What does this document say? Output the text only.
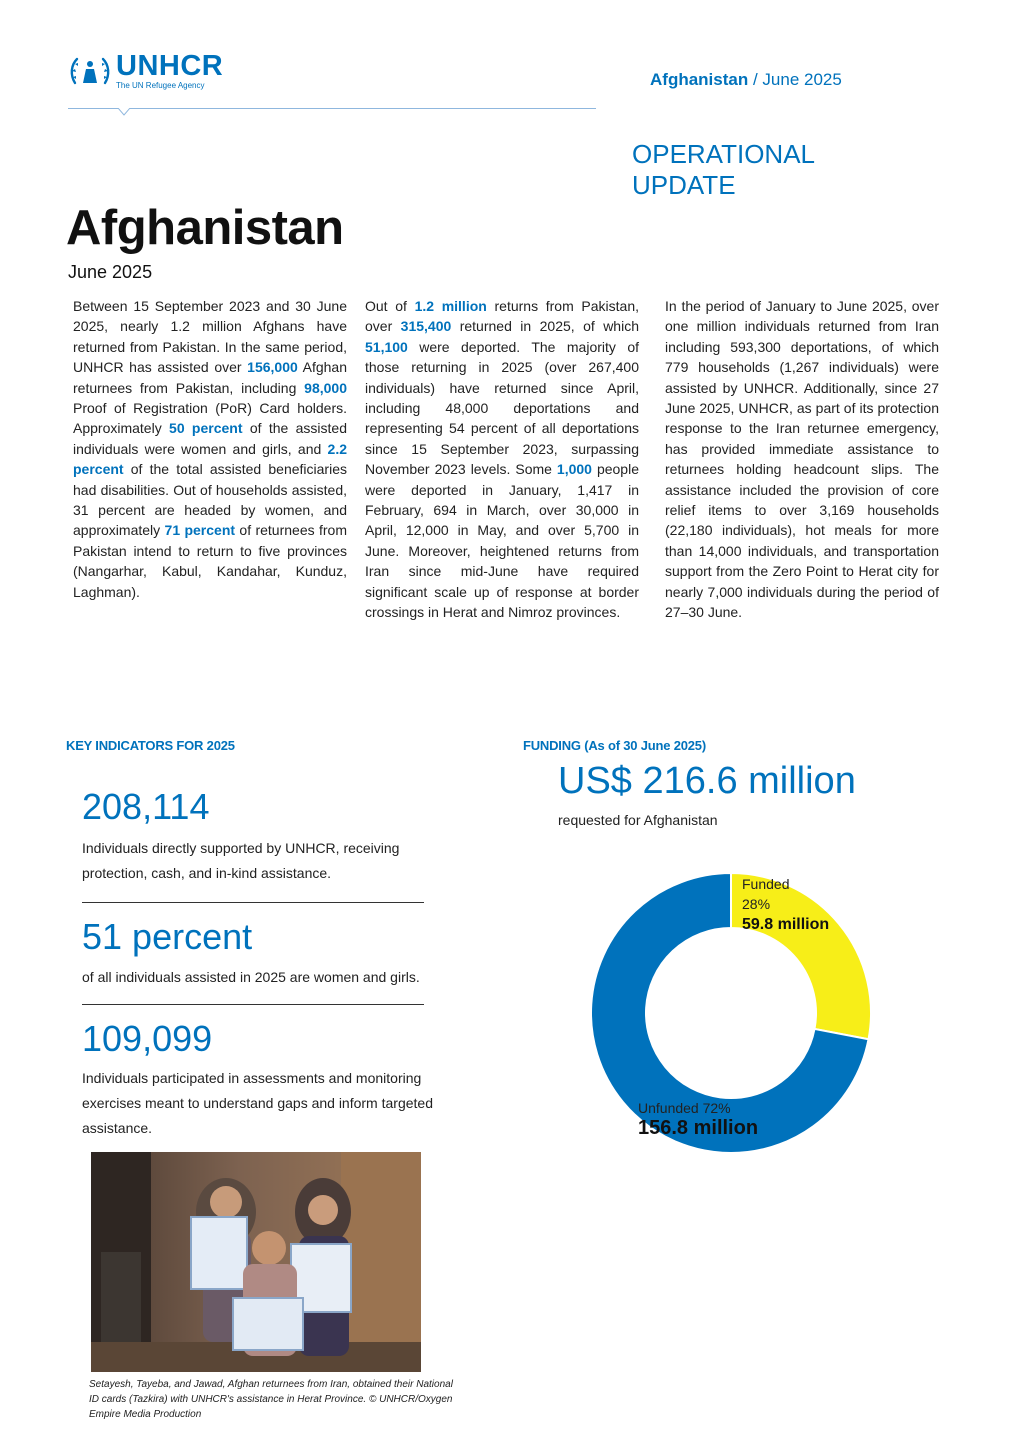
UNHCR
The UN Refugee Agency	Afghanistan / June 2025
OPERATIONAL
UPDATE
Afghanistan
June 2025
Between 15 September 2023 and 30 June 2025, nearly 1.2 million Afghans have returned from Pakistan. In the same period, UNHCR has assisted over 156,000 Afghan returnees from Pakistan, including 98,000 Proof of Registration (PoR) Card holders. Approximately 50 percent of the assisted individuals were women and girls, and 2.2 percent of the total assisted beneficiaries had disabilities. Out of households assisted, 31 percent are headed by women, and approximately 71 percent of returnees from Pakistan intend to return to five provinces (Nangarhar, Kabul, Kandahar, Kunduz, Laghman).
Out of 1.2 million returns from Pakistan, over 315,400 returned in 2025, of which 51,100 were deported. The majority of those returning in 2025 (over 267,400 individuals) have returned since April, including 48,000 deportations and representing 54 percent of all deportations since 15 September 2023, surpassing November 2023 levels. Some 1,000 people were deported in January, 1,417 in February, 694 in March, over 30,000 in April, 12,000 in May, and over 5,700 in June. Moreover, heightened returns from Iran since mid-June have required significant scale up of response at border crossings in Herat and Nimroz provinces.
In the period of January to June 2025, over one million individuals returned from Iran including 593,300 deportations, of which 779 households (1,267 individuals) were assisted by UNHCR. Additionally, since 27 June 2025, UNHCR, as part of its protection response to the Iran returnee emergency, has provided immediate assistance to returnees holding headcount slips. The assistance included the provision of core relief items to over 3,169 households (22,180 individuals), hot meals for more than 14,000 individuals, and transportation support from the Zero Point to Herat city for nearly 7,000 individuals during the period of 27–30 June.
KEY INDICATORS FOR 2025
208,114
Individuals directly supported by UNHCR, receiving protection, cash, and in-kind assistance.
51 percent
of all individuals assisted in 2025 are women and girls.
109,099
Individuals participated in assessments and monitoring exercises meant to understand gaps and inform targeted assistance.
FUNDING (As of 30 June 2025)
US$ 216.6 million
requested for Afghanistan
Funded
28%
59.8 million
Unfunded 72%
156.8 million
Setayesh, Tayeba, and Jawad, Afghan returnees from Iran, obtained their National ID cards (Tazkira) with UNHCR's assistance in Herat Province. © UNHCR/Oxygen Empire Media Production
